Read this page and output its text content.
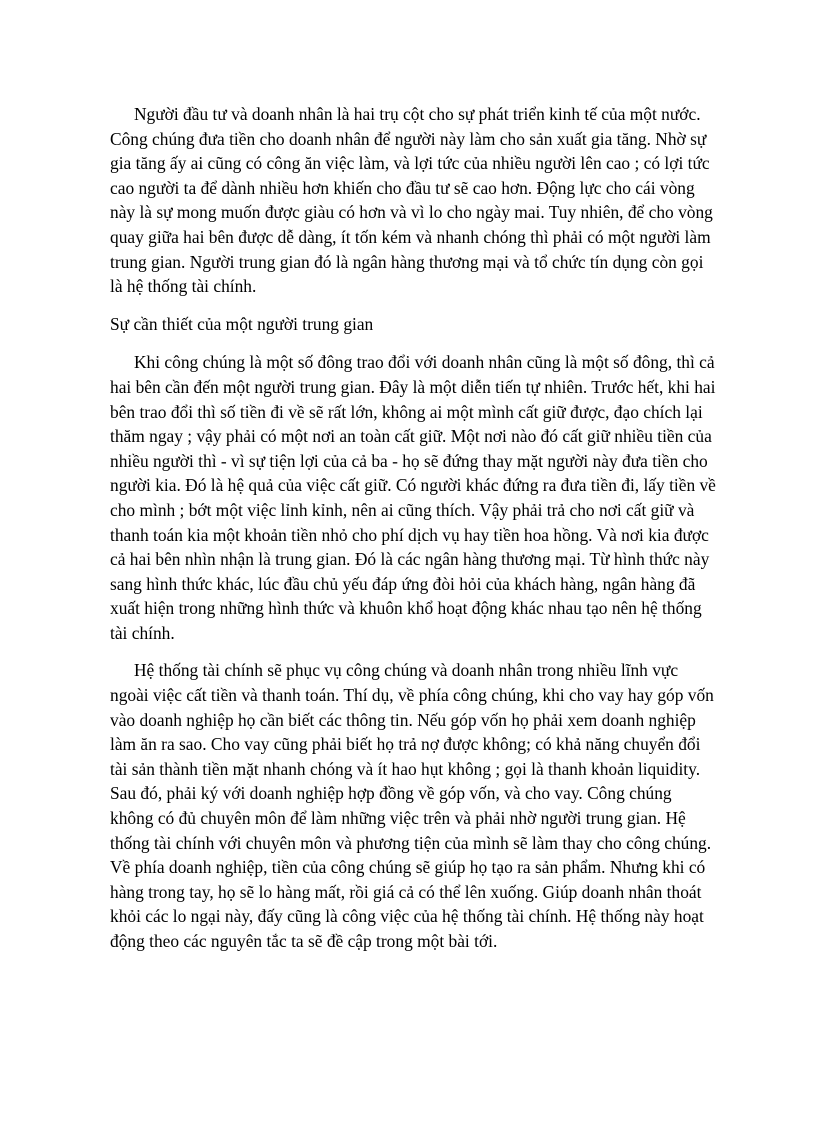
Người đầu tư và doanh nhân là hai trụ cột cho sự phát triển kinh tế của một nước. Công chúng đưa tiền cho doanh nhân để người này làm cho sản xuất gia tăng. Nhờ sự gia tăng ấy ai cũng có công ăn việc làm, và lợi tức của nhiều người lên cao ; có lợi tức cao người ta để dành nhiều hơn khiến cho đầu tư sẽ cao hơn. Động lực cho cái vòng này là sự mong muốn được giàu có hơn và vì lo cho ngày mai. Tuy nhiên, để cho vòng quay giữa hai bên được dễ dàng, ít tốn kém và nhanh chóng thì phải có một người làm trung gian. Người trung gian đó là ngân hàng thương mại và tổ chức tín dụng còn gọi là hệ thống tài chính.

Sự cần thiết của một người trung gian

Khi công chúng là một số đông trao đổi với doanh nhân cũng là một số đông, thì cả hai bên cần đến một người trung gian. Đây là một diễn tiến tự nhiên. Trước hết, khi hai bên trao đổi thì số tiền đi về sẽ rất lớn, không ai một mình cất giữ được, đạo chích lại thăm ngay ; vậy phải có một nơi an toàn cất giữ. Một nơi nào đó cất giữ nhiều tiền của nhiều người thì - vì sự tiện lợi của cả ba - họ sẽ đứng thay mặt người này đưa tiền cho người kia. Đó là hệ quả của việc cất giữ. Có người khác đứng ra đưa tiền đi, lấy tiền về cho mình ; bớt một việc lỉnh kỉnh, nên ai cũng thích. Vậy phải trả cho nơi cất giữ và thanh toán kia một khoản tiền nhỏ cho phí dịch vụ hay tiền hoa hồng. Và nơi kia được cả hai bên nhìn nhận là trung gian. Đó là các ngân hàng thương mại. Từ hình thức này sang hình thức khác, lúc đầu chủ yếu đáp ứng đòi hỏi của khách hàng, ngân hàng đã xuất hiện trong những hình thức và khuôn khổ hoạt động khác nhau tạo nên hệ thống tài chính.

Hệ thống tài chính sẽ phục vụ công chúng và doanh nhân trong nhiều lĩnh vực ngoài việc cất tiền và thanh toán. Thí dụ, về phía công chúng, khi cho vay hay góp vốn vào doanh nghiệp họ cần biết các thông tin. Nếu góp vốn họ phải xem doanh nghiệp làm ăn ra sao. Cho vay cũng phải biết họ trả nợ được không; có khả năng chuyển đổi tài sản thành tiền mặt nhanh chóng và ít hao hụt không ; gọi là thanh khoản liquidity. Sau đó, phải ký với doanh nghiệp hợp đồng về góp vốn, và cho vay. Công chúng không có đủ chuyên môn để làm những việc trên và phải nhờ người trung gian. Hệ thống tài chính với chuyên môn và phương tiện của mình sẽ làm thay cho công chúng. Về phía doanh nghiệp, tiền của công chúng sẽ giúp họ tạo ra sản phẩm. Nhưng khi có hàng trong tay, họ sẽ lo hàng mất, rồi giá cả có thể lên xuống. Giúp doanh nhân thoát khỏi các lo ngại này, đấy cũng là công việc của hệ thống tài chính. Hệ thống này hoạt động theo các nguyên tắc ta sẽ đề cập trong một bài tới.
